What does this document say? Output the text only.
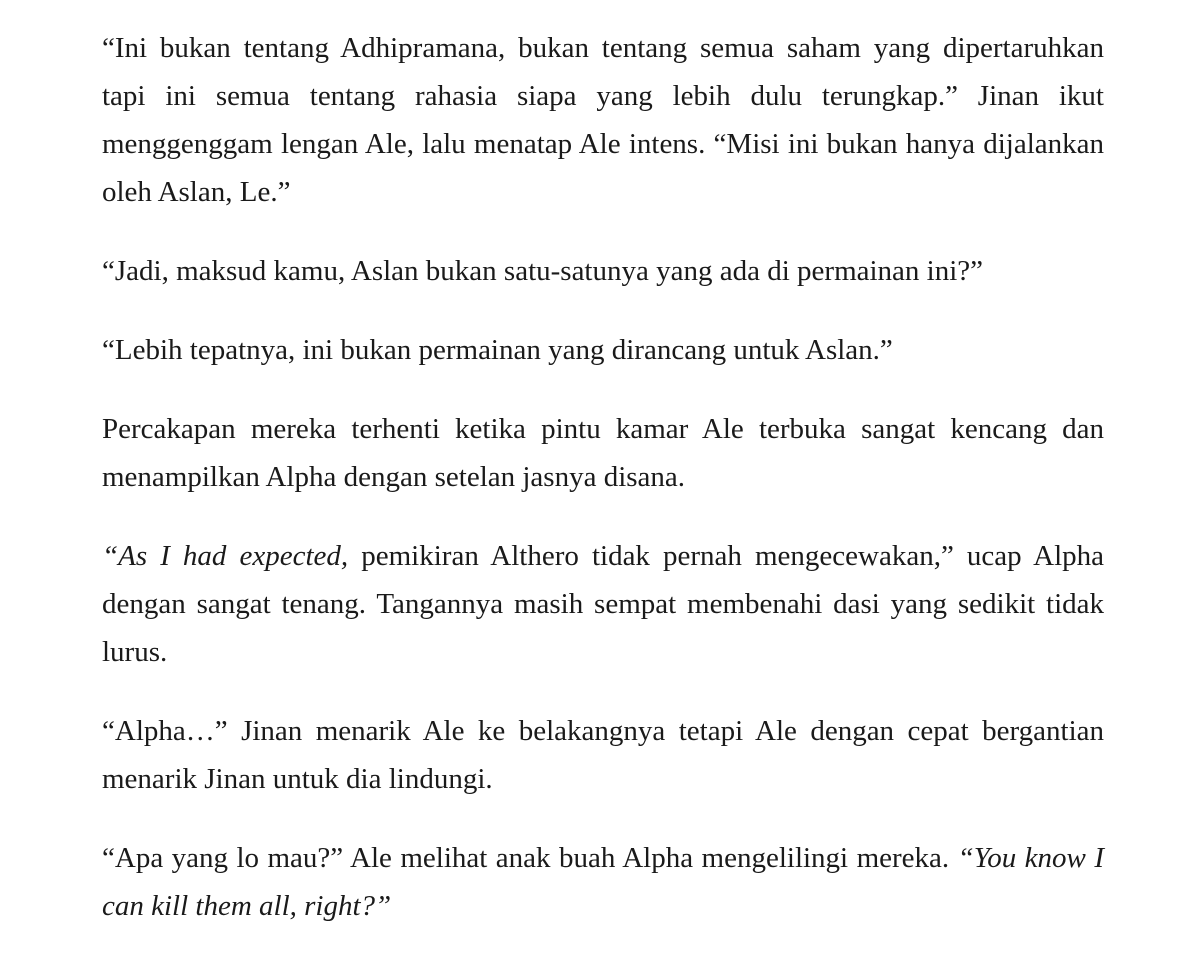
“Ini bukan tentang Adhipramana, bukan tentang semua saham yang dipertaruhkan tapi ini semua tentang rahasia siapa yang lebih dulu terungkap.” Jinan ikut menggenggam lengan Ale, lalu menatap Ale intens. “Misi ini bukan hanya dijalankan oleh Aslan, Le.”

“Jadi, maksud kamu, Aslan bukan satu-satunya yang ada di permainan ini?”

“Lebih tepatnya, ini bukan permainan yang dirancang untuk Aslan.”

Percakapan mereka terhenti ketika pintu kamar Ale terbuka sangat kencang dan menampilkan Alpha dengan setelan jasnya disana.

“As I had expected, pemikiran Althero tidak pernah mengecewakan,” ucap Alpha dengan sangat tenang. Tangannya masih sempat membenahi dasi yang sedikit tidak lurus.

“Alpha…” Jinan menarik Ale ke belakangnya tetapi Ale dengan cepat bergantian menarik Jinan untuk dia lindungi.

“Apa yang lo mau?” Ale melihat anak buah Alpha mengelilingi mereka. “You know I can kill them all, right?”
